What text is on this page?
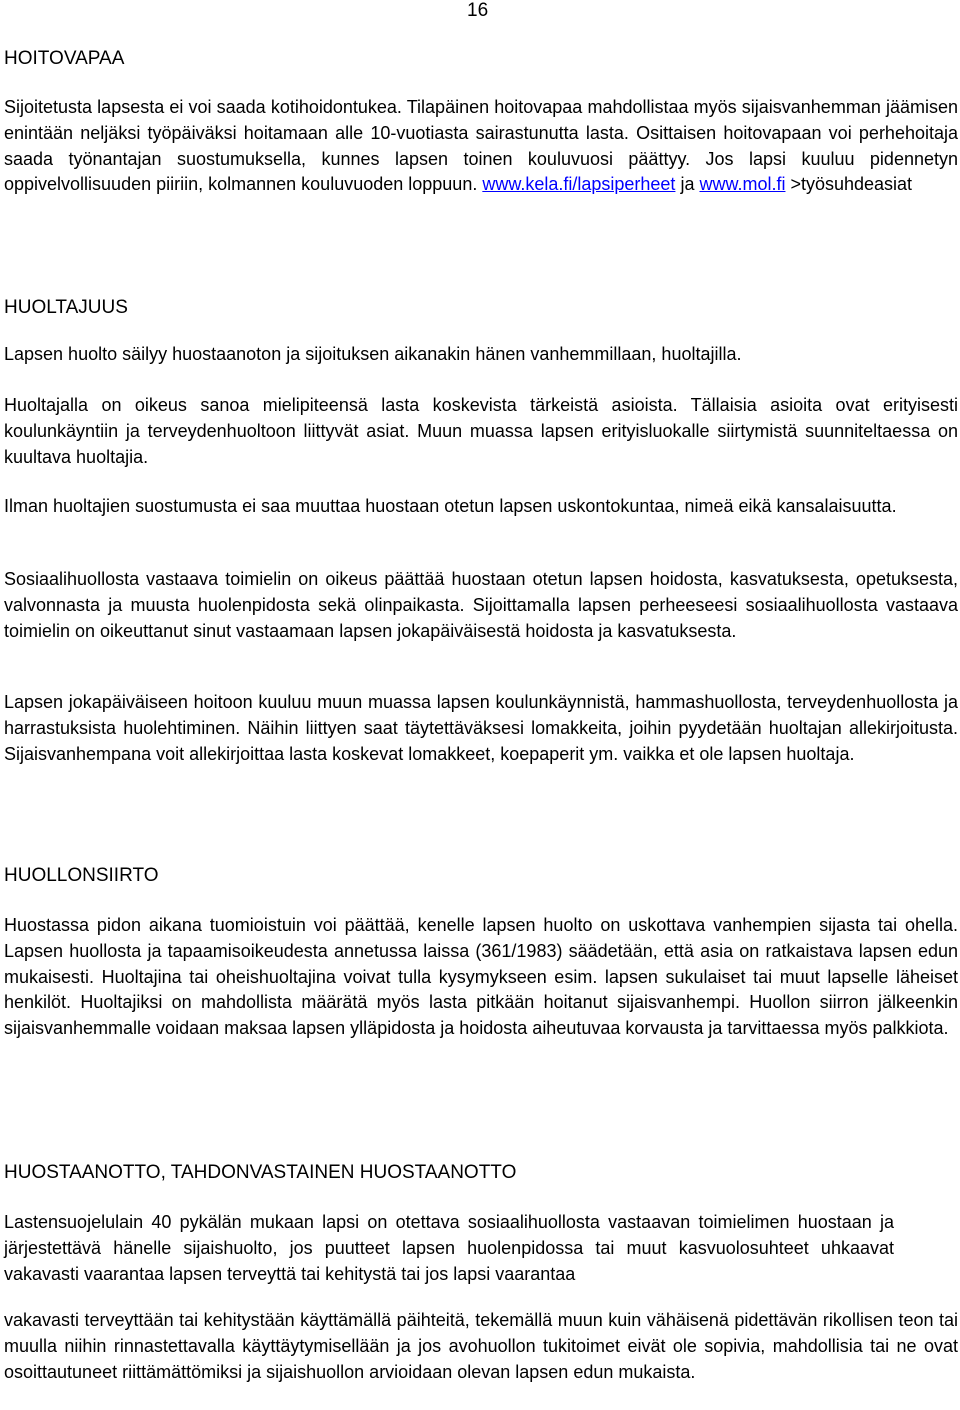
16
HOITOVAPAA

Sijoitetusta lapsesta ei voi saada kotihoidontukea. Tilapäinen hoitovapaa mahdollistaa myös sijaisvanhemman jäämisen enintään neljäksi työpäiväksi hoitamaan alle 10-vuotiasta sairastunutta lasta. Osittaisen hoitovapaan voi perhehoitaja saada työnantajan suostumuksella, kunnes lapsen toinen kouluvuosi päättyy. Jos lapsi kuuluu pidennetyn oppivelvollisuuden piiriin, kolmannen kouluvuoden loppuun. www.kela.fi/lapsiperheet ja www.mol.fi >työsuhdeasiat

HUOLTAJUUS

Lapsen huolto säilyy huostaanoton ja sijoituksen aikanakin hänen vanhemmillaan, huoltajilla.

Huoltajalla on oikeus sanoa mielipiteensä lasta koskevista tärkeistä asioista. Tällaisia asioita ovat erityisesti koulunkäyntiin ja terveydenhuoltoon liittyvät asiat. Muun muassa lapsen erityisluokalle siirtymistä suunniteltaessa on kuultava huoltajia.

Ilman huoltajien suostumusta ei saa muuttaa huostaan otetun lapsen uskontokuntaa, nimeä eikä kansalaisuutta.

Sosiaalihuollosta vastaava toimielin on oikeus päättää huostaan otetun lapsen hoidosta, kasvatuksesta, opetuksesta, valvonnasta ja muusta huolenpidosta sekä olinpaikasta. Sijoittamalla lapsen perheeseesi sosiaalihuollosta vastaava toimielin on oikeuttanut sinut vastaamaan lapsen jokapäiväisestä hoidosta ja kasvatuksesta.

Lapsen jokapäiväiseen hoitoon kuuluu muun muassa lapsen koulunkäynnistä, hammashuollosta, terveydenhuollosta ja harrastuksista huolehtiminen. Näihin liittyen saat täytettäväksesi lomakkeita, joihin pyydetään huoltajan allekirjoitusta. Sijaisvanhempana voit allekirjoittaa lasta koskevat lomakkeet, koepaperit ym. vaikka et ole lapsen huoltaja.

HUOLLONSIIRTO

Huostassa pidon aikana tuomioistuin voi päättää, kenelle lapsen huolto on uskottava vanhempien sijasta tai ohella. Lapsen huollosta ja tapaamisoikeudesta annetussa laissa (361/1983) säädetään, että asia on ratkaistava lapsen edun mukaisesti. Huoltajina tai oheishuoltajina voivat tulla kysymykseen esim. lapsen sukulaiset tai muut lapselle läheiset henkilöt. Huoltajiksi on mahdollista määrätä myös lasta pitkään hoitanut sijaisvanhempi. Huollon siirron jälkeenkin sijaisvanhemmalle voidaan maksaa lapsen ylläpidosta ja hoidosta aiheutuvaa korvausta ja tarvittaessa myös palkkiota.

HUOSTAANOTTO, TAHDONVASTAINEN HUOSTAANOTTO

Lastensuojelulain 40 pykälän mukaan lapsi on otettava sosiaalihuollosta vastaavan toimielimen huostaan ja järjestettävä hänelle sijaishuolto, jos puutteet lapsen huolenpidossa tai muut kasvuolosuhteet uhkaavat vakavasti vaarantaa lapsen terveyttä tai kehitystä tai jos lapsi vaarantaa

vakavasti terveyttään tai kehitystään käyttämällä päihteitä, tekemällä muun kuin vähäisenä pidettävän rikollisen teon tai muulla niihin rinnastettavalla käyttäytymisellään ja jos avohuollon tukitoimet eivät ole sopivia, mahdollisia tai ne ovat osoittautuneet riittämättömiksi ja sijaishuollon arvioidaan olevan lapsen edun mukaista.
